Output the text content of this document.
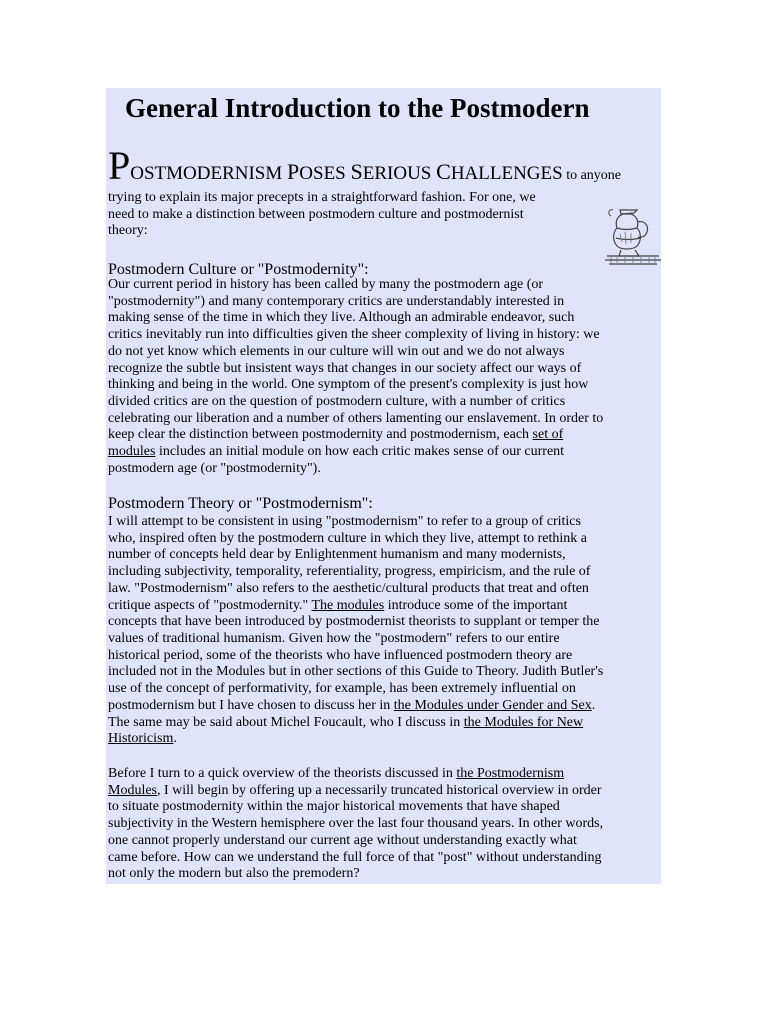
General Introduction to the Postmodern
POSTMODERNISM POSES SERIOUS CHALLENGES to anyone
trying to explain its major precepts in a straightforward fashion. For one, we
need to make a distinction between postmodern culture and postmodernist
theory:
Postmodern Culture or "Postmodernity":
Our current period in history has been called by many the postmodern age (or
"postmodernity") and many contemporary critics are understandably interested in
making sense of the time in which they live. Although an admirable endeavor, such
critics inevitably run into difficulties given the sheer complexity of living in history: we
do not yet know which elements in our culture will win out and we do not always
recognize the subtle but insistent ways that changes in our society affect our ways of
thinking and being in the world. One symptom of the present's complexity is just how
divided critics are on the question of postmodern culture, with a number of critics
celebrating our liberation and a number of others lamenting our enslavement. In order to
keep clear the distinction between postmodernity and postmodernism, each set of
modules includes an initial module on how each critic makes sense of our current
postmodern age (or "postmodernity").
Postmodern Theory or "Postmodernism":
I will attempt to be consistent in using "postmodernism" to refer to a group of critics
who, inspired often by the postmodern culture in which they live, attempt to rethink a
number of concepts held dear by Enlightenment humanism and many modernists,
including subjectivity, temporality, referentiality, progress, empiricism, and the rule of
law. "Postmodernism" also refers to the aesthetic/cultural products that treat and often
critique aspects of "postmodernity." The modules introduce some of the important
concepts that have been introduced by postmodernist theorists to supplant or temper the
values of traditional humanism. Given how the "postmodern" refers to our entire
historical period, some of the theorists who have influenced postmodern theory are
included not in the Modules but in other sections of this Guide to Theory. Judith Butler's
use of the concept of performativity, for example, has been extremely influential on
postmodernism but I have chosen to discuss her in the Modules under Gender and Sex.
The same may be said about Michel Foucault, who I discuss in the Modules for New
Historicism.
Before I turn to a quick overview of the theorists discussed in the Postmodernism
Modules, I will begin by offering up a necessarily truncated historical overview in order
to situate postmodernity within the major historical movements that have shaped
subjectivity in the Western hemisphere over the last four thousand years. In other words,
one cannot properly understand our current age without understanding exactly what
came before. How can we understand the full force of that "post" without understanding
not only the modern but also the premodern?
